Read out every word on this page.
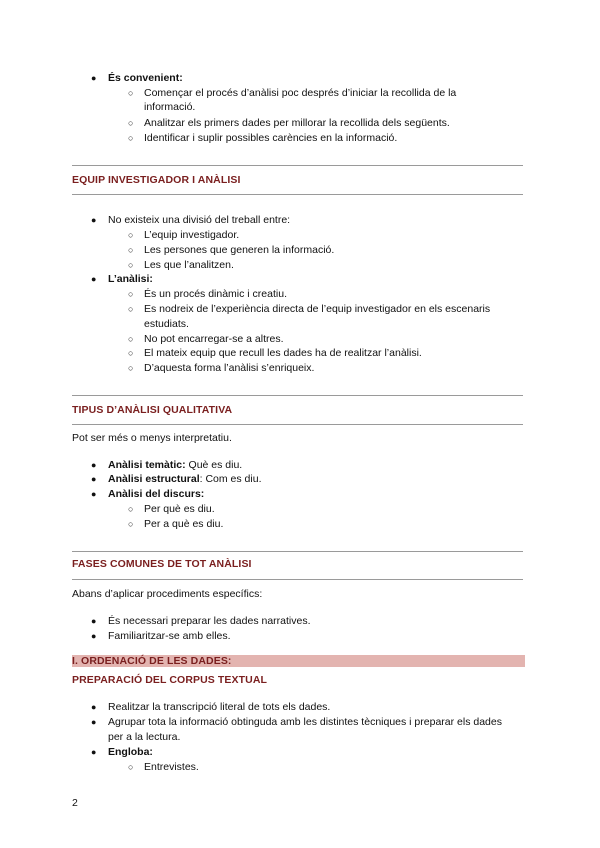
● És convenient:
○ Començar el procés d’anàlisi poc després d’iniciar la recollida de la
informació.
○ Analitzar els primers dades per millorar la recollida dels següents.
○ Identificar i suplir possibles carències en la informació.
EQUIP INVESTIGADOR I ANÀLISI
● No existeix una divisió del treball entre:
○ L’equip investigador.
○ Les persones que generen la informació.
○ Les que l’analitzen.
● L’anàlisi:
○ És un procés dinàmic i creatiu.
○ Es nodreix de l’experiència directa de l’equip investigador en els escenaris
estudiats.
○ No pot encarregar-se a altres.
○ El mateix equip que recull les dades ha de realitzar l’anàlisi.
○ D’aquesta forma l’anàlisi s’enriqueix.
TIPUS D’ANÀLISI QUALITATIVA
Pot ser més o menys interpretatiu.
● Anàlisi temàtic: Què es diu.
● Anàlisi estructural: Com es diu.
● Anàlisi del discurs:
○ Per què es diu.
○ Per a què es diu.
FASES COMUNES DE TOT ANÀLISI
Abans d’aplicar procediments específics:
● És necessari preparar les dades narratives.
● Familiaritzar-se amb elles.
I. ORDENACIÓ DE LES DADES:
PREPARACIÓ DEL CORPUS TEXTUAL
● Realitzar la transcripció literal de tots els dades.
● Agrupar tota la informació obtinguda amb les distintes tècniques i preparar els dades
per a la lectura.
● Engloba:
○ Entrevistes.
2
